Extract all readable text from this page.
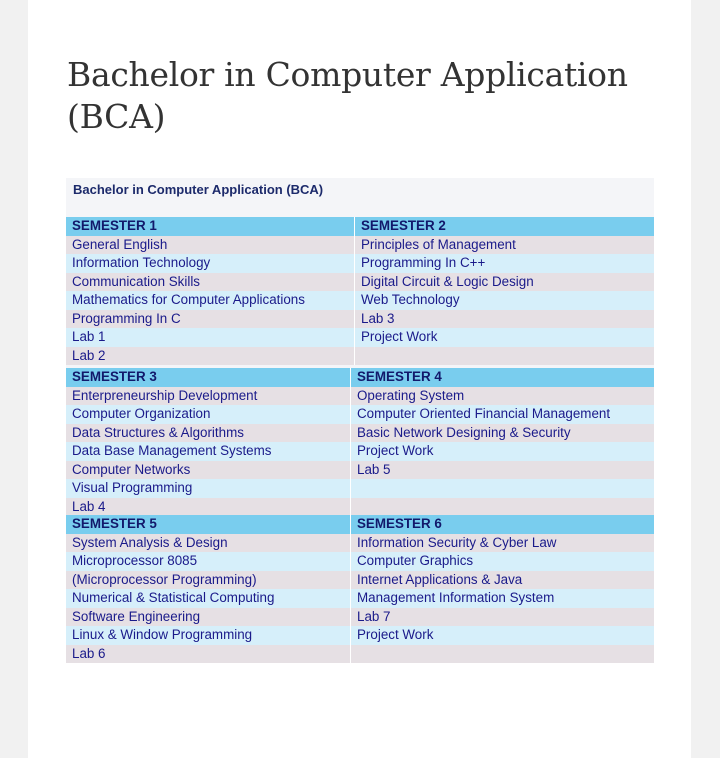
Bachelor in Computer Application (BCA)
Bachelor in Computer Application (BCA)
SEMESTER 1	SEMESTER 2
General English	Principles of Management
Information Technology	Programming In C++
Communication Skills	Digital Circuit & Logic Design
Mathematics for Computer Applications	Web Technology
Programming In C	Lab 3
Lab 1	Project Work
Lab 2
SEMESTER 3	SEMESTER 4
Enterpreneurship Development	Operating System
Computer Organization	Computer Oriented Financial Management
Data Structures & Algorithms	Basic Network Designing & Security
Data Base Management Systems	Project Work
Computer Networks	Lab 5
Visual Programming
Lab 4
SEMESTER 5	SEMESTER 6
System Analysis & Design	Information Security & Cyber Law
Microprocessor 8085	Computer Graphics
(Microprocessor Programming)	Internet Applications & Java
Numerical & Statistical Computing	Management Information System
Software Engineering	Lab 7
Linux & Window Programming	Project Work
Lab 6
